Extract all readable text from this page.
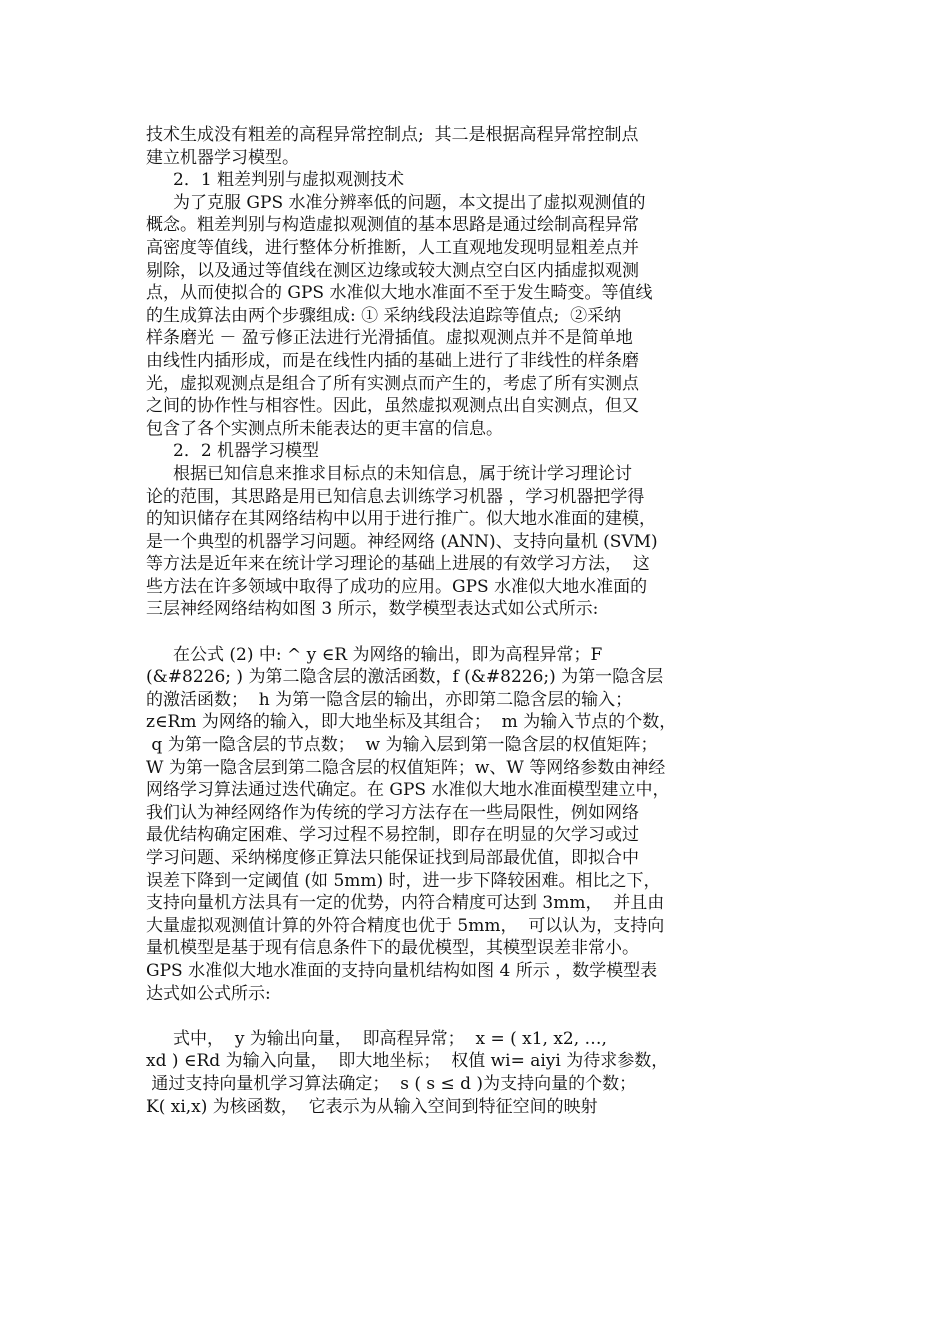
技术生成没有粗差的高程异常控制点;  其二是根据高程异常控制点
建立机器学习模型。
2．1 粗差判别与虚拟观测技术
为了克服 GPS 水准分辨率低的问题，本文提出了虚拟观测值的
概念。粗差判别与构造虚拟观测值的基本思路是通过绘制高程异常
高密度等值线，进行整体分析推断，人工直观地发现明显粗差点并
剔除，以及通过等值线在测区边缘或较大测点空白区内插虚拟观测
点，从而使拟合的 GPS 水准似大地水准面不至于发生畸变。等值线
的生成算法由两个步骤组成: ① 采纳线段法追踪等值点;  ②采纳
样条磨光 － 盈亏修正法进行光滑插值。虚拟观测点并不是简单地
由线性内插形成，而是在线性内插的基础上进行了非线性的样条磨
光，虚拟观测点是组合了所有实测点而产生的，考虑了所有实测点
之间的协作性与相容性。因此，虽然虚拟观测点出自实测点，但又
包含了各个实测点所未能表达的更丰富的信息。
2．2 机器学习模型
根据已知信息来推求目标点的未知信息，属于统计学习理论讨
论的范围，其思路是用已知信息去训练学习机器 ，学习机器把学得
的知识储存在其网络结构中以用于进行推广。似大地水准面的建模，
是一个典型的机器学习问题。神经网络 (ANN)、支持向量机 (SVM)
等方法是近年来在统计学习理论的基础上进展的有效学习方法，  这
些方法在许多领域中取得了成功的应用。GPS 水准似大地水准面的
三层神经网络结构如图 3 所示，数学模型表达式如公式所示:
在公式 (2) 中: ^ y ∈R 为网络的输出，即为高程异常；F
(&#8226; ) 为第二隐含层的激活函数，f (&#8226;) 为第一隐含层
的激活函数；  h 为第一隐含层的输出，亦即第二隐含层的输入；
z∈Rm 为网络的输入，即大地坐标及其组合；  m 为输入节点的个数，
q 为第一隐含层的节点数；  w 为输入层到第一隐含层的权值矩阵；
W 为第一隐含层到第二隐含层的权值矩阵；w、W 等网络参数由神经
网络学习算法通过迭代确定。在 GPS 水准似大地水准面模型建立中，
我们认为神经网络作为传统的学习方法存在一些局限性，例如网络
最优结构确定困难、学习过程不易控制，即存在明显的欠学习或过
学习问题、采纳梯度修正算法只能保证找到局部最优值，即拟合中
误差下降到一定阈值 (如 5mm) 时，进一步下降较困难。相比之下，
支持向量机方法具有一定的优势，内符合精度可达到 3mm，  并且由
大量虚拟观测值计算的外符合精度也优于 5mm，  可以认为，支持向
量机模型是基于现有信息条件下的最优模型，其模型误差非常小。
GPS 水准似大地水准面的支持向量机结构如图 4 所示 ，数学模型表
达式如公式所示:
式中，  y 为输出向量，  即高程异常；  x = ( x1, x2, …,
xd ) ∈Rd 为输入向量，  即大地坐标；  权值 wi= aiyi 为待求参数，
通过支持向量机学习算法确定；  s ( s ≤ d )为支持向量的个数；
K( xi,x) 为核函数，  它表示为从输入空间到特征空间的映射
